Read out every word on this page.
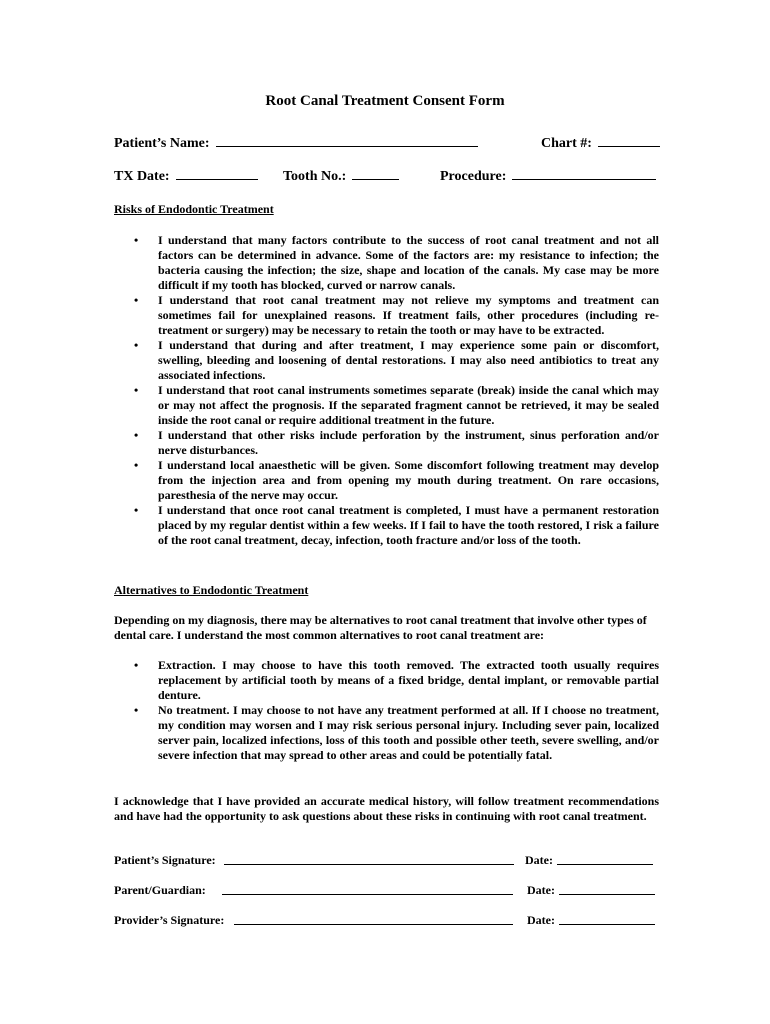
Root Canal Treatment Consent Form
Patient’s Name:	Chart #:
TX Date:	Tooth No.:	Procedure:
Risks of Endodontic Treatment
• I understand that many factors contribute to the success of root canal treatment and not all factors can be determined in advance. Some of the factors are: my resistance to infection; the bacteria causing the infection; the size, shape and location of the canals. My case may be more difficult if my tooth has blocked, curved or narrow canals.
• I understand that root canal treatment may not relieve my symptoms and treatment can sometimes fail for unexplained reasons. If treatment fails, other procedures (including re-treatment or surgery) may be necessary to retain the tooth or may have to be extracted.
• I understand that during and after treatment, I may experience some pain or discomfort, swelling, bleeding and loosening of dental restorations. I may also need antibiotics to treat any associated infections.
• I understand that root canal instruments sometimes separate (break) inside the canal which may or may not affect the prognosis. If the separated fragment cannot be retrieved, it may be sealed inside the root canal or require additional treatment in the future.
• I understand that other risks include perforation by the instrument, sinus perforation and/or nerve disturbances.
• I understand local anaesthetic will be given. Some discomfort following treatment may develop from the injection area and from opening my mouth during treatment. On rare occasions, paresthesia of the nerve may occur.
• I understand that once root canal treatment is completed, I must have a permanent restoration placed by my regular dentist within a few weeks. If I fail to have the tooth restored, I risk a failure of the root canal treatment, decay, infection, tooth fracture and/or loss of the tooth.
Alternatives to Endodontic Treatment
Depending on my diagnosis, there may be alternatives to root canal treatment that involve other types of dental care. I understand the most common alternatives to root canal treatment are:
• Extraction. I may choose to have this tooth removed. The extracted tooth usually requires replacement by artificial tooth by means of a fixed bridge, dental implant, or removable partial denture.
• No treatment. I may choose to not have any treatment performed at all. If I choose no treatment, my condition may worsen and I may risk serious personal injury. Including sever pain, localized server pain, localized infections, loss of this tooth and possible other teeth, severe swelling, and/or severe infection that may spread to other areas and could be potentially fatal.
I acknowledge that I have provided an accurate medical history, will follow treatment recommendations and have had the opportunity to ask questions about these risks in continuing with root canal treatment.
Patient’s Signature:	Date:
Parent/Guardian:	Date:
Provider’s Signature:	Date:
